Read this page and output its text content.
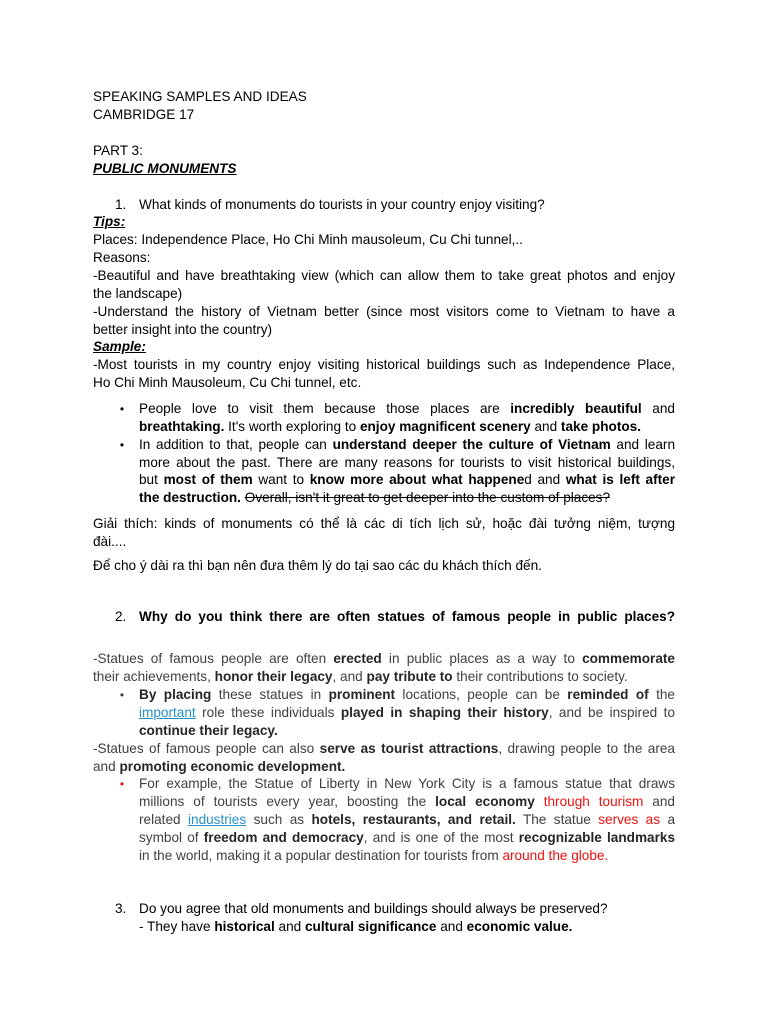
SPEAKING SAMPLES AND IDEAS
CAMBRIDGE 17
PART 3:
PUBLIC MONUMENTS
1. What kinds of monuments do tourists in your country enjoy visiting?
Tips:
Places: Independence Place, Ho Chi Minh mausoleum, Cu Chi tunnel,..
Reasons:
-Beautiful and have breathtaking view (which can allow them to take great photos and enjoy
the landscape)
-Understand the history of Vietnam better (since most visitors come to Vietnam to have a
better insight into the country)
Sample:
-Most tourists in my country enjoy visiting historical buildings such as Independence Place,
Ho Chi Minh Mausoleum, Cu Chi tunnel, etc.
• People love to visit them because those places are incredibly beautiful and
breathtaking. It's worth exploring to enjoy magnificent scenery and take photos.
• In addition to that, people can understand deeper the culture of Vietnam and learn
more about the past. There are many reasons for tourists to visit historical buildings,
but most of them want to know more about what happened and what is left after
the destruction. Overall, isn't it great to get deeper into the custom of places?
Giải thích: kinds of monuments có thể là các di tích lịch sử, hoặc đài tưởng niệm, tượng
đài....
Để cho ý dài ra thì bạn nên đưa thêm lý do tại sao các du khách thích đến.
2. Why do you think there are often statues of famous people in public places?
-Statues of famous people are often erected in public places as a way to commemorate
their achievements, honor their legacy, and pay tribute to their contributions to society.
• By placing these statues in prominent locations, people can be reminded of the
important role these individuals played in shaping their history, and be inspired to
continue their legacy.
-Statues of famous people can also serve as tourist attractions, drawing people to the area
and promoting economic development.
• For example, the Statue of Liberty in New York City is a famous statue that draws
millions of tourists every year, boosting the local economy through tourism and
related industries such as hotels, restaurants, and retail. The statue serves as a
symbol of freedom and democracy, and is one of the most recognizable landmarks
in the world, making it a popular destination for tourists from around the globe.
3. Do you agree that old monuments and buildings should always be preserved?
- They have historical and cultural significance and economic value.
